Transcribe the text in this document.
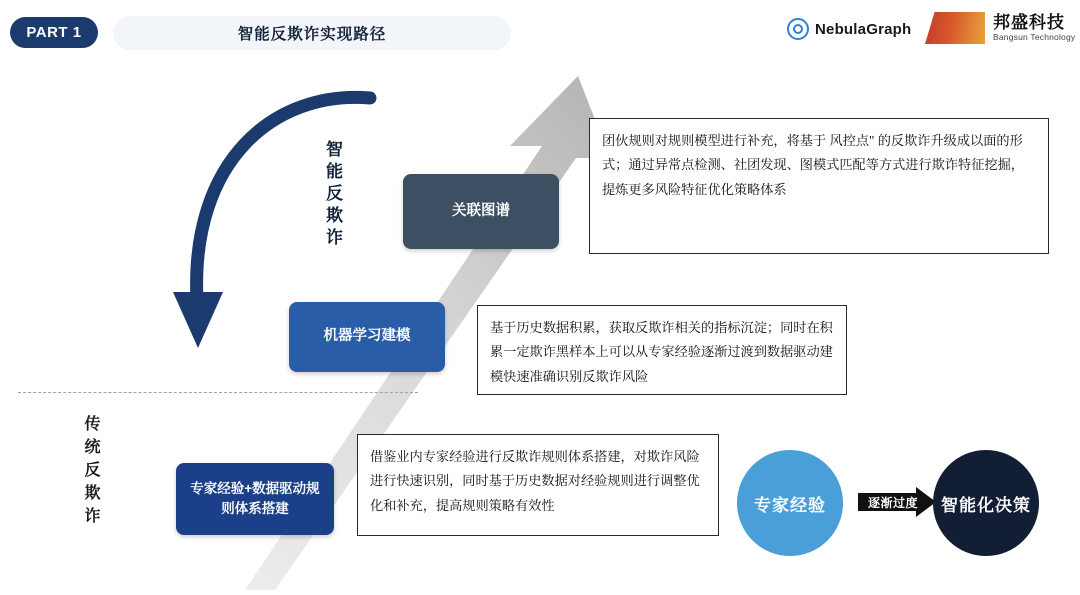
PART 1	智能反欺诈实现路径	NebulaGraph	邦盛科技
Bangsun Technology
智能反欺诈
传统反欺诈
关联图谱
机器学习建模
专家经验+数据驱动规则体系搭建
团伙规则对规则模型进行补充，将基于 风控点" 的反欺诈升级成以面的形式；通过异常点检测、社团发现、图模式匹配等方式进行欺诈特征挖掘，提炼更多风险特征优化策略体系
基于历史数据积累，获取反欺诈相关的指标沉淀；同时在积累一定欺诈黑样本上可以从专家经验逐渐过渡到数据驱动建模快速准确识别反欺诈风险
借鉴业内专家经验进行反欺诈规则体系搭建，对欺诈风险进行快速识别，同时基于历史数据对经验规则进行调整优化和补充，提高规则策略有效性	专家经验	逐渐过度	智能化决策
